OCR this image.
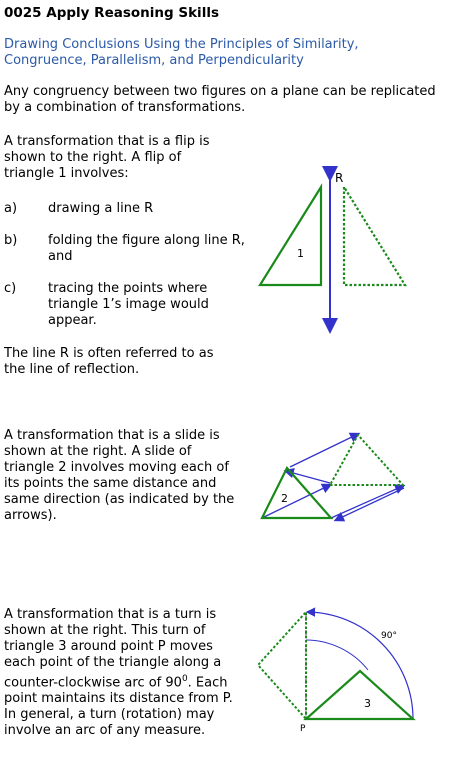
0025 Apply Reasoning Skills
Drawing Conclusions Using the Principles of Similarity, Congruence, Parallelism, and Perpendicularity
Any congruency between two figures on a plane can be replicated by a combination of transformations.
A transformation that is a flip is shown to the right. A flip of triangle 1 involves:
a) drawing a line R
b) folding the figure along line R, and
c) tracing the points where triangle 1’s image would appear.
The line R is often referred to as the line of reflection.
R
1
A transformation that is a slide is shown at the right. A slide of triangle 2 involves moving each of its points the same distance and same direction (as indicated by the arrows).
2
A transformation that is a turn is shown at the right. This turn of triangle 3 around point P moves each point of the triangle along a counter-clockwise arc of $90^0$. Each point maintains its distance from P. In general, a turn (rotation) may involve an arc of any measure.
90°
3
P
